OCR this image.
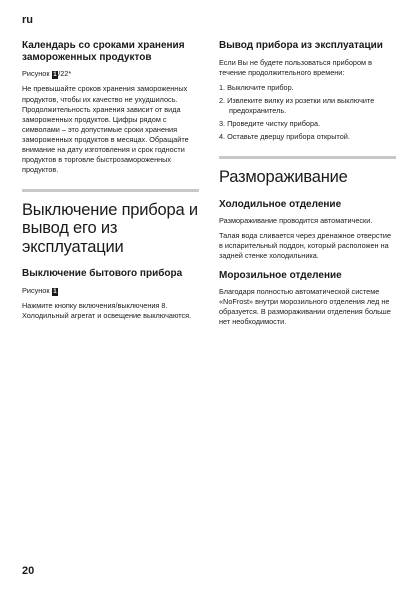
ru
Календарь со сроками хранения замороженных продуктов

Рисунок 1 /22*

Не превышайте сроков хранения замороженных продуктов, чтобы их качество не ухудшилось. Продолжительность хранения зависит от вида замороженных продуктов. Цифры рядом с символами – это допустимые сроки хранения замороженных продуктов в месяцах. Обращайте внимание на дату изготовления и срок годности продуктов в торговле быстрозамороженных продуктов.

Выключение прибора и вывод его из эксплуатации
Выключение бытового прибора

Рисунок 1

Нажмите кнопку включения/выключения 8. Холодильный агрегат и освещение выключаются.

Вывод прибора из эксплуатации

Если Вы не будете пользоваться прибором в течение продолжительного времени:

1. Выключите прибор.
2. Извлеките вилку из розетки или выключите предохранитель.
3. Проведите чистку прибора.
4. Оставьте дверцу прибора открытой.
Размораживание
Холодильное отделение

Размораживание проводится автоматически.

Талая вода сливается через дренажное отверстие в испарительный поддон, который расположен на задней стенке холодильника.

Морозильное отделение

Благодаря полностью автоматической системе «NoFrost» внутри морозильного отделения лед не образуется. В размораживании отделения больше нет необходимости.

20
